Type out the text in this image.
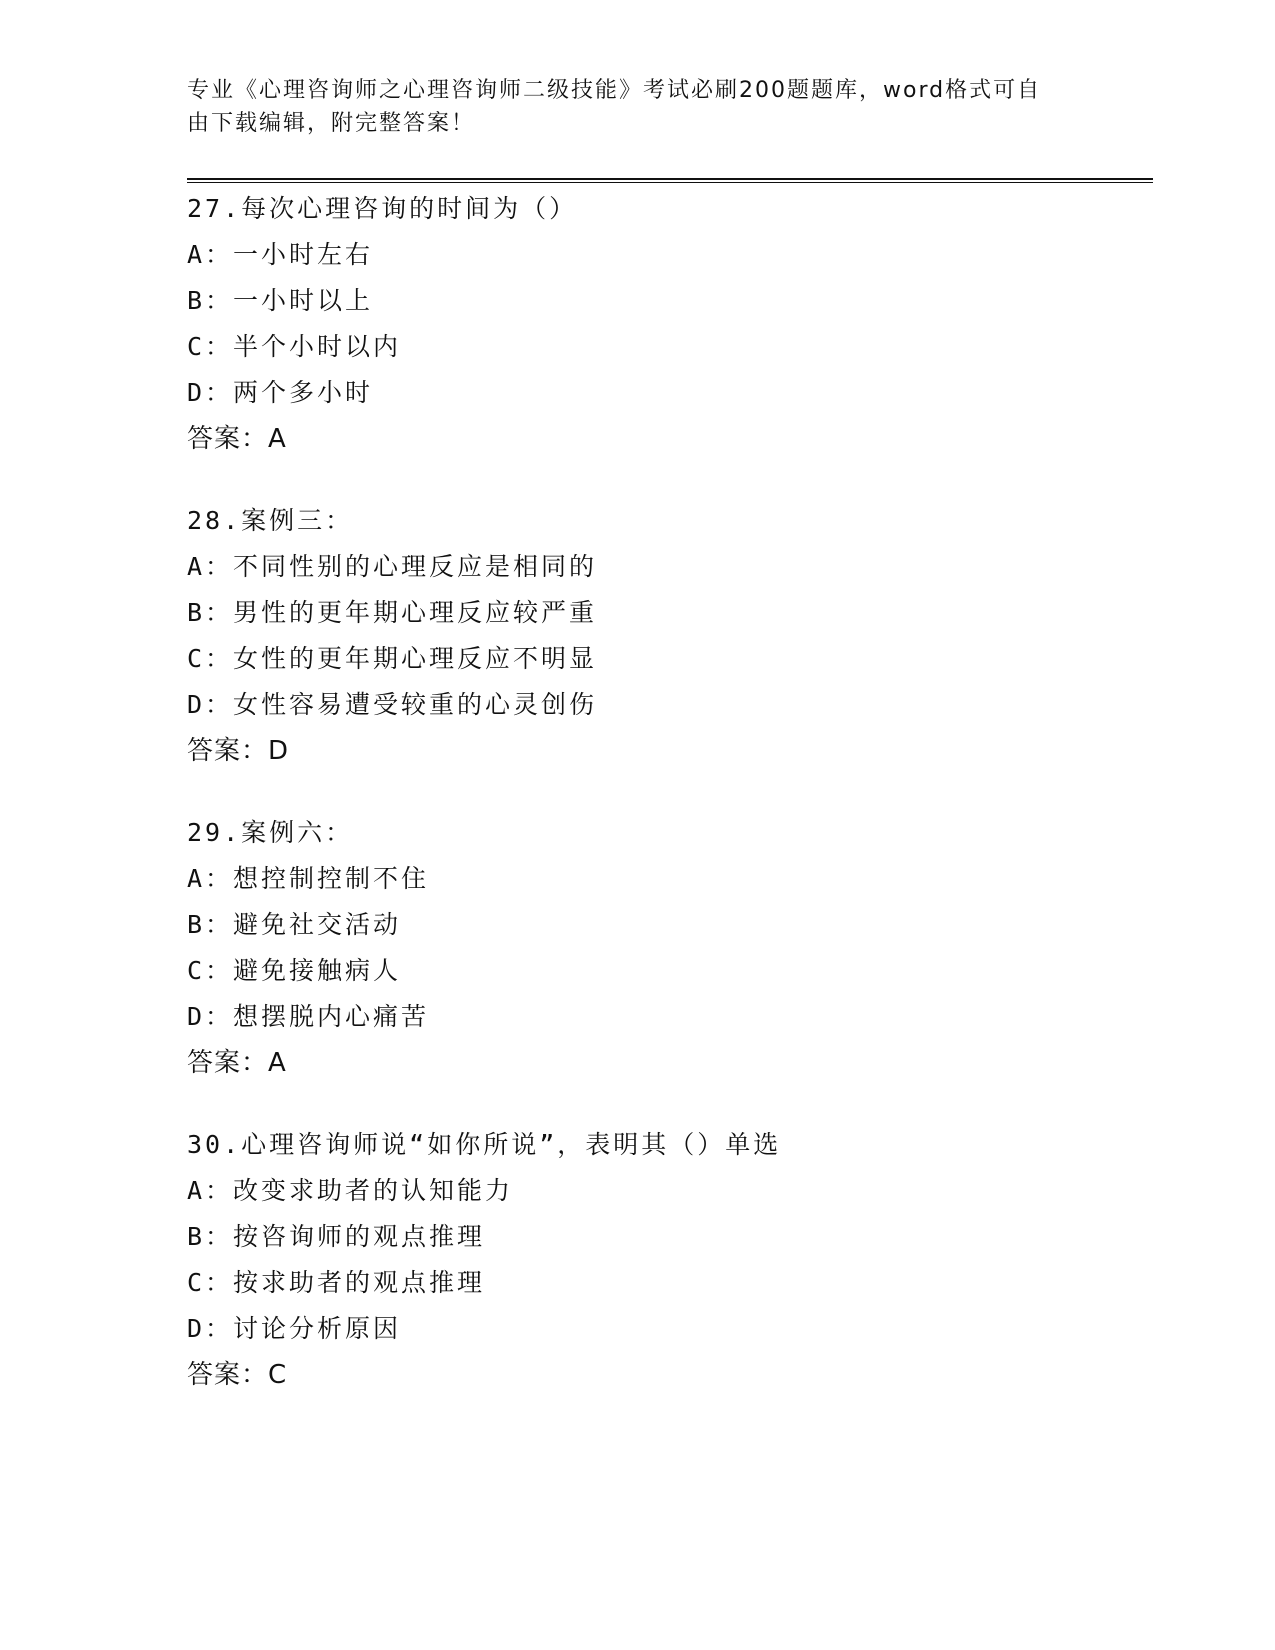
专业《心理咨询师之心理咨询师二级技能》考试必刷200题题库，word格式可自
由下载编辑，附完整答案！
27.每次心理咨询的时间为（）
A：一小时左右
B：一小时以上
C：半个小时以内
D：两个多小时
答案：A
28.案例三：
A：不同性别的心理反应是相同的
B：男性的更年期心理反应较严重
C：女性的更年期心理反应不明显
D：女性容易遭受较重的心灵创伤
答案：D
29.案例六：
A：想控制控制不住
B：避免社交活动
C：避免接触病人
D：想摆脱内心痛苦
答案：A
30.心理咨询师说“如你所说”，表明其（）单选
A：改变求助者的认知能力
B：按咨询师的观点推理
C：按求助者的观点推理
D：讨论分析原因
答案：C
